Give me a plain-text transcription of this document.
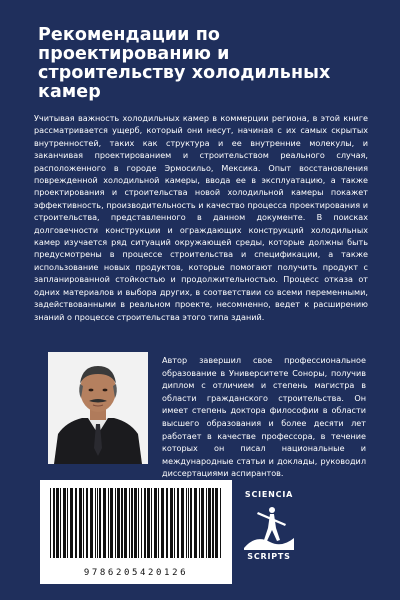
Рекомендации по проектированию и строительству холодильных камер
Учитывая важность холодильных камер в коммерции региона, в этой книге рассматривается ущерб, который они несут, начиная с их самых скрытых внутренностей, таких как структура и ее внутренние молекулы, и заканчивая проектированием и строительством реального случая, расположенного в городе Эрмосильо, Мексика. Опыт восстановления поврежденной холодильной камеры, ввода ее в эксплуатацию, а также проектирования и строительства новой холодильной камеры покажет эффективность, производительность и качество процесса проектирования и строительства, представленного в данном документе. В поисках долговечности конструкции и ограждающих конструкций холодильных камер изучается ряд ситуаций окружающей среды, которые должны быть предусмотрены в процессе строительства и спецификации, а также использование новых продуктов, которые помогают получить продукт с запланированной стойкостью и продолжительностью. Процесс отказа от одних материалов и выбора других, в соответствии со всеми переменными, задействованными в реальном проекте, несомненно, ведет к расширению знаний о процессе строительства этого типа зданий.
Автор завершил свое профессиональное образование в Университете Соноры, получив диплом с отличием и степень магистра в области гражданского строительства. Он имеет степень доктора философии в области высшего образования и более десяти лет работает в качестве профессора, в течение которых он писал национальные и международные статьи и доклады, руководил диссертациями аспирантов.
9786205420126
SCIENCIA
SCRIPTS
